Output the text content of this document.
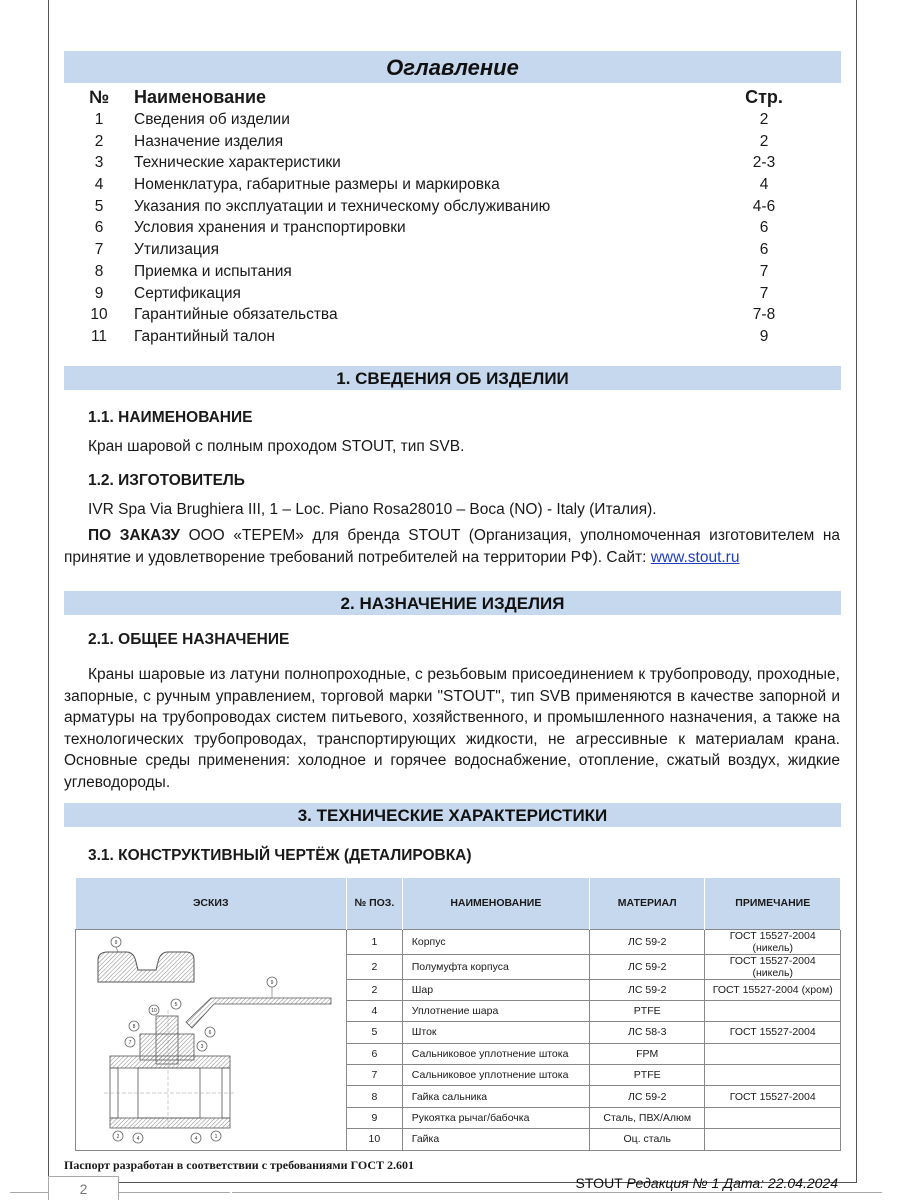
Оглавление
№ Наименование	Стр.
1	Сведения об изделии	2
2	Назначение изделия	2
3	Технические характеристики	2-3
4	Номенклатура, габаритные размеры и маркировка	4
5	Указания по эксплуатации и техническому обслуживанию	4-6
6	Условия хранения и транспортировки	6
7	Утилизация	6
8	Приемка и испытания	7
9	Сертификация	7
10	Гарантийные обязательства	7-8
11	Гарантийный талон	9
1. СВЕДЕНИЯ ОБ ИЗДЕЛИИ
1.1. НАИМЕНОВАНИЕ
Кран шаровой с полным проходом STOUT, тип SVB.
1.2. ИЗГОТОВИТЕЛЬ
IVR Spa Via Brughiera III, 1 – Loc. Piano Rosa28010 – Boca (NO) - Italy (Италия).
ПО ЗАКАЗУ ООО «ТЕРЕМ» для бренда STOUT (Организация, уполномоченная изготовителем на принятие и удовлетворение требований потребителей на территории РФ). Сайт: www.stout.ru
2. НАЗНАЧЕНИЕ ИЗДЕЛИЯ
2.1. ОБЩЕЕ НАЗНАЧЕНИЕ
Краны шаровые из латуни полнопроходные, с резьбовым присоединением к трубопроводу, проходные, запорные, с ручным управлением, торговой марки "STOUT", тип SVB применяются в качестве запорной и арматуры на трубопроводах систем питьевого, хозяйственного, и промышленного назначения, а также на технологических трубопроводах, транспортирующих жидкости, не агрессивные к материалам крана. Основные среды применения: холодное и горячее водоснабжение, отопление, сжатый воздух, жидкие углеводороды.
3. ТЕХНИЧЕСКИЕ ХАРАКТЕРИСТИКИ
3.1. КОНСТРУКТИВНЫЙ ЧЕРТЁЖ (ДЕТАЛИРОВКА)
ЭСКИЗ	№ ПОЗ.	НАИМЕНОВАНИЕ	МАТЕРИАЛ	ПРИМЕЧАНИЕ

9
9
10
5
8
6
7
3
2	4	4	1
	1	Корпус	ЛС 59-2	ГОСТ 15527-2004 (никель)
	2	Полумуфта корпуса	ЛС 59-2	ГОСТ 15527-2004 (никель)
	2	Шар	ЛС 59-2	ГОСТ 15527-2004 (хром)
	4	Уплотнение шара	PTFE	
	5	Шток	ЛС 58-3	ГОСТ 15527-2004
	6	Сальниковое уплотнение штока	FPM	
	7	Сальниковое уплотнение штока	PTFE	
	8	Гайка сальника	ЛС 59-2	ГОСТ 15527-2004
	9	Рукоятка рычаг/бабочка	Сталь, ПВХ/Алюм	
	10	Гайка	Оц. сталь	
Паспорт разработан в соответствии с требованиями ГОСТ 2.601
2	STOUT Редакция № 1 Дата: 22.04.2024
